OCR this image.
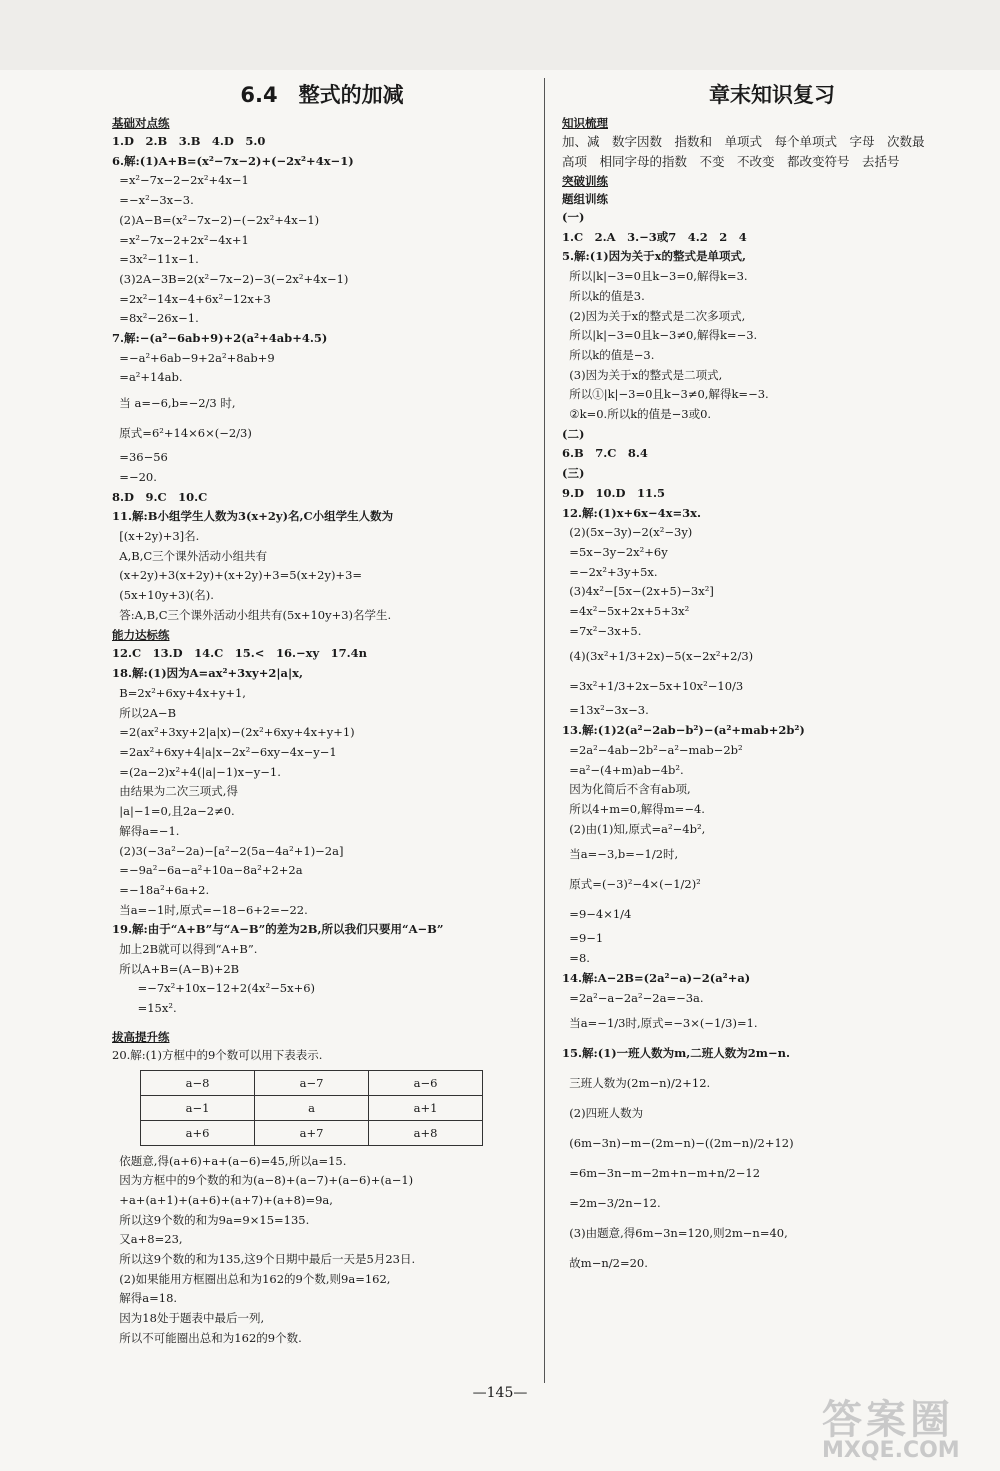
6.4　整式的加减
基础对点练
1.D　2.B　3.B　4.D　5.0
6.解:(1)A+B=(x²−7x−2)+(−2x²+4x−1)
=x²−7x−2−2x²+4x−1
=−x²−3x−3.
(2)A−B=(x²−7x−2)−(−2x²+4x−1)
=x²−7x−2+2x²−4x+1
=3x²−11x−1.
(3)2A−3B=2(x²−7x−2)−3(−2x²+4x−1)
=2x²−14x−4+6x²−12x+3
=8x²−26x−1.
7.解:−(a²−6ab+9)+2(a²+4ab+4.5)
=−a²+6ab−9+2a²+8ab+9
=a²+14ab.
当 a=−6,b=−2/3 时,
原式=6²+14×6×(−2/3)
=36−56
=−20.
8.D　9.C　10.C
11.解:B小组学生人数为3(x+2y)名,C小组学生人数为
[(x+2y)+3]名.
A,B,C三个课外活动小组共有
(x+2y)+3(x+2y)+(x+2y)+3=5(x+2y)+3=
(5x+10y+3)(名).
答:A,B,C三个课外活动小组共有(5x+10y+3)名学生.
能力达标练
12.C　13.D　14.C　15.<　16.−xy　17.4n
18.解:(1)因为A=ax²+3xy+2|a|x,
B=2x²+6xy+4x+y+1,
所以2A−B
=2(ax²+3xy+2|a|x)−(2x²+6xy+4x+y+1)
=2ax²+6xy+4|a|x−2x²−6xy−4x−y−1
=(2a−2)x²+4(|a|−1)x−y−1.
由结果为二次三项式,得
|a|−1=0,且2a−2≠0.
解得a=−1.
(2)3(−3a²−2a)−[a²−2(5a−4a²+1)−2a]
=−9a²−6a−a²+10a−8a²+2+2a
=−18a²+6a+2.
当a=−1时,原式=−18−6+2=−22.
19.解:由于“A+B”与“A−B”的差为2B,所以我们只要用“A−B”
加上2B就可以得到“A+B”.
所以A+B=(A−B)+2B
=−7x²+10x−12+2(4x²−5x+6)
=15x².
拔高提升练
20.解:(1)方框中的9个数可以用下表表示.
a−8	a−7	a−6
a−1	a	a+1
a+6	a+7	a+8
依题意,得(a+6)+a+(a−6)=45,所以a=15.
因为方框中的9个数的和为(a−8)+(a−7)+(a−6)+(a−1)
+a+(a+1)+(a+6)+(a+7)+(a+8)=9a,
所以这9个数的和为9a=9×15=135.
又a+8=23,
所以这9个数的和为135,这9个日期中最后一天是5月23日.
(2)如果能用方框圈出总和为162的9个数,则9a=162,
解得a=18.
因为18处于题表中最后一列,
所以不可能圈出总和为162的9个数.
章末知识复习
知识梳理
加、减　数字因数　指数和　单项式　每个单项式　字母　次数最
高项　相同字母的指数　不变　不改变　都改变符号　去括号
突破训练
题组训练
(一)
1.C　2.A　3.−3或7　4.2　2　4
5.解:(1)因为关于x的整式是单项式,
所以|k|−3=0且k−3=0,解得k=3.
所以k的值是3.
(2)因为关于x的整式是二次多项式,
所以|k|−3=0且k−3≠0,解得k=−3.
所以k的值是−3.
(3)因为关于x的整式是二项式,
所以①|k|−3=0且k−3≠0,解得k=−3.
②k=0.所以k的值是−3或0.
(二)
6.B　7.C　8.4
(三)
9.D　10.D　11.5
12.解:(1)x+6x−4x=3x.
(2)(5x−3y)−2(x²−3y)
=5x−3y−2x²+6y
=−2x²+3y+5x.
(3)4x²−[5x−(2x+5)−3x²]
=4x²−5x+2x+5+3x²
=7x²−3x+5.
(4)(3x²+1/3+2x)−5(x−2x²+2/3)
=3x²+1/3+2x−5x+10x²−10/3
=13x²−3x−3.
13.解:(1)2(a²−2ab−b²)−(a²+mab+2b²)
=2a²−4ab−2b²−a²−mab−2b²
=a²−(4+m)ab−4b².
因为化简后不含有ab项,
所以4+m=0,解得m=−4.
(2)由(1)知,原式=a²−4b²,
当a=−3,b=−1/2时,
原式=(−3)²−4×(−1/2)²
=9−4×1/4
=9−1
=8.
14.解:A−2B=(2a²−a)−2(a²+a)
=2a²−a−2a²−2a=−3a.
当a=−1/3时,原式=−3×(−1/3)=1.
15.解:(1)一班人数为m,二班人数为2m−n.
三班人数为(2m−n)/2+12.
(2)四班人数为
(6m−3n)−m−(2m−n)−((2m−n)/2+12)
=6m−3n−m−2m+n−m+n/2−12
=2m−3/2n−12.
(3)由题意,得6m−3n=120,则2m−n=40,
故m−n/2=20.
—145—
答案圈
MXQE.COM
